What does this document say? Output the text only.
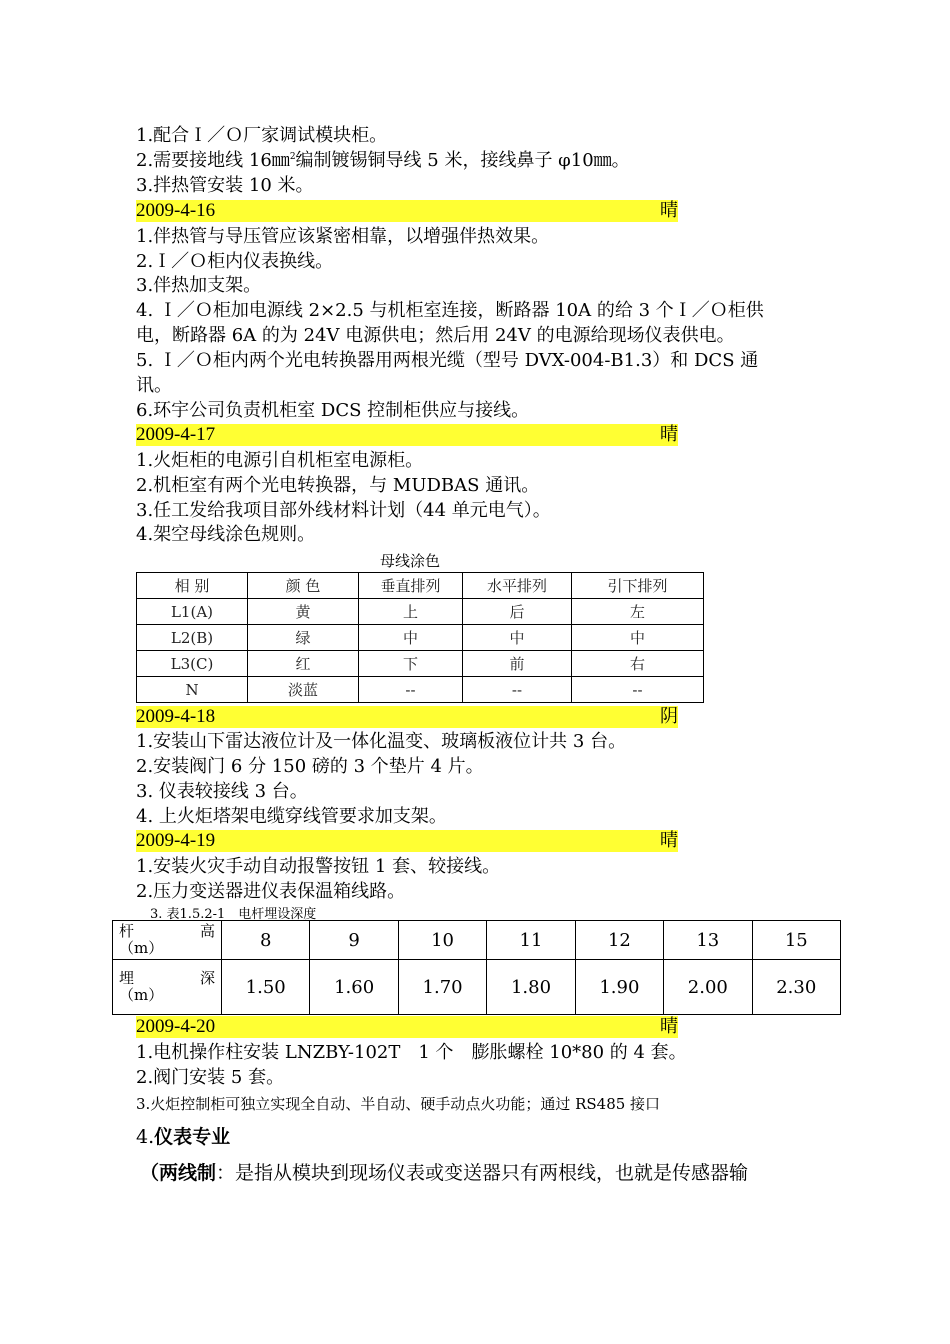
1.配合Ｉ／Ｏ厂家调试模块柜。
2.需要接地线 16㎜$^2$编制镀锡铜导线 5 米，接线鼻子 φ10㎜。
3.拌热管安装 10 米。
2009-4-16	晴
1.伴热管与导压管应该紧密相靠，以增强伴热效果。
2.Ｉ／Ｏ柜内仪表换线。
3.伴热加支架。
4. Ｉ／Ｏ柜加电源线 2×2.5 与机柜室连接，断路器 10A 的给 3 个Ｉ／Ｏ柜供
电，断路器 6A 的为 24V 电源供电；然后用 24V 的电源给现场仪表供电。
5. Ｉ／Ｏ柜内两个光电转换器用两根光缆（型号 DVX-004-B1.3）和 DCS 通
讯。
6.环宇公司负责机柜室 DCS 控制柜供应与接线。
2009-4-17	晴
1.火炬柜的电源引自机柜室电源柜。
2.机柜室有两个光电转换器，与 MUDBAS 通讯。
3.任工发给我项目部外线材料计划（44 单元电气）。
4.架空母线涂色规则。
母线涂色
相 别	颜 色	垂直排列	水平排列	引下排列
L1(A)	黄	上	后	左
L2(B)	绿	中	中	中
L3(C)	红	下	前	右
N	淡蓝	--	--	--
2009-4-18	阴
1.安装山下雷达液位计及一体化温变、玻璃板液位计共 3 台。
2.安装阀门 6 分 150 磅的 3 个垫片 4 片。
3. 仪表较接线 3 台。
4. 上火炬塔架电缆穿线管要求加支架。
2009-4-19	晴
1.安装火灾手动自动报警按钮 1 套、较接线。
2.压力变送器进仪表保温箱线路。
3. 表1.5.2-1　电杆埋设深度
杆 高
（m）	8	9	10	11	12	13	15

埋 深
（m）	1.50	1.60	1.70	1.80	1.90	2.00	2.30
2009-4-20	晴
1.电机操作柱安装 LNZBY-102T　1 个　膨胀螺栓 10*80 的 4 套。
2.阀门安装 5 套。
3.火炬控制柜可独立实现全自动、半自动、硬手动点火功能；通过 RS485 接口
4.仪表专业
（两线制：是指从模块到现场仪表或变送器只有两根线，也就是传感器输
